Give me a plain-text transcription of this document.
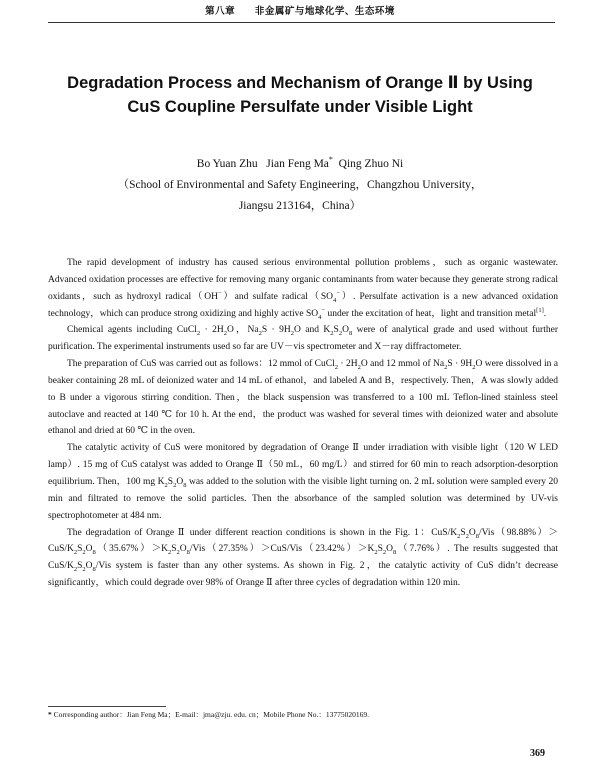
第八章 非金属矿与地球化学、生态环境
Degradation Process and Mechanism of Orange Ⅱ by Using
CuS Coupline Persulfate under Visible Light
Bo Yuan Zhu   Jian Feng Ma*  Qing Zhuo Ni
（School of Environmental and Safety Engineering，Changzhou University，
Jiangsu 213164，China）

The rapid development of industry has caused serious environmental pollution problems，such as organic wastewater. Advanced oxidation processes are effective for removing many organic contaminants from water because they generate strong radical oxidants，such as hydroxyl radical（OH−）and sulfate $radical(SO_4^-)$. Persulfate activation is a new advanced oxidation technology，which can produce strong oxidizing and highly active $SO_4^-$ under the excitation of heat，light and transition metal[1].

Chemical agents including CuCl$_2$ · $2H_2O$，$Na_2S \cdot 9H_2O$ and $K_2S_2O_8$ were of analytical grade and used without further purification. The experimental instruments used so far are UV－vis spectrometer and X－ray diffractometer.

The preparation of CuS was carried out as follows：12 mmol of CuCl$_2$ · $2H_2O$ and 12 mmol of $Na_2S \cdot 9H_2O$ were dissolved in a beaker containing 28 mL of deionized water and 14 mL of ethanol，and labeled A and B，respectively. Then，A was slowly added to B under a vigorous stirring condition. Then，the black suspension was transferred to a 100 mL Teflon-lined stainless steel autoclave and reacted at 140 ℃ for 10 h. At the end，the product was washed for several times with deionized water and absolute ethanol and dried at 60 ℃ in the oven.

The catalytic activity of CuS were monitored by degradation of Orange Ⅱ under irradiation with visible light（120 W LED lamp）. 15 mg of CuS catalyst was added to Orange Ⅱ（50 mL，60 mg/L）and stirred for 60 min to reach adsorption-desorption equilibrium. Then，100 mg $K_2S_2O_8$ was added to the solution with the visible light turning on. 2 mL solution were sampled every 20 min and filtrated to remove the solid particles. Then the absorbance of the sampled solution was determined by UV-vis spectrophotometer at 484 nm.

The degradation of Orange Ⅱ under different reaction conditions is shown in the Fig. 1：CuS/$K_2S_2O_8/Vis(98.88\%)>CuS/K_2S_2O_8(35.67\%)>K_2S_2O_8/Vis(27.35\%)>CuS/Vis(23.42\%)>K_2S_2O_8(7.76\%)$. The results suggested that CuS/$K_2S_2O_8$/Vis system is faster than any other systems. As shown in Fig. 2，the catalytic activity of CuS didn’t decrease significantly，which could degrade over 98% of Orange Ⅱ after three cycles of degradation within 120 min.

* Corresponding author：Jian Feng Ma；E-mail：jma@zju. edu. cn；Mobile Phone No.：13775020169.
369
